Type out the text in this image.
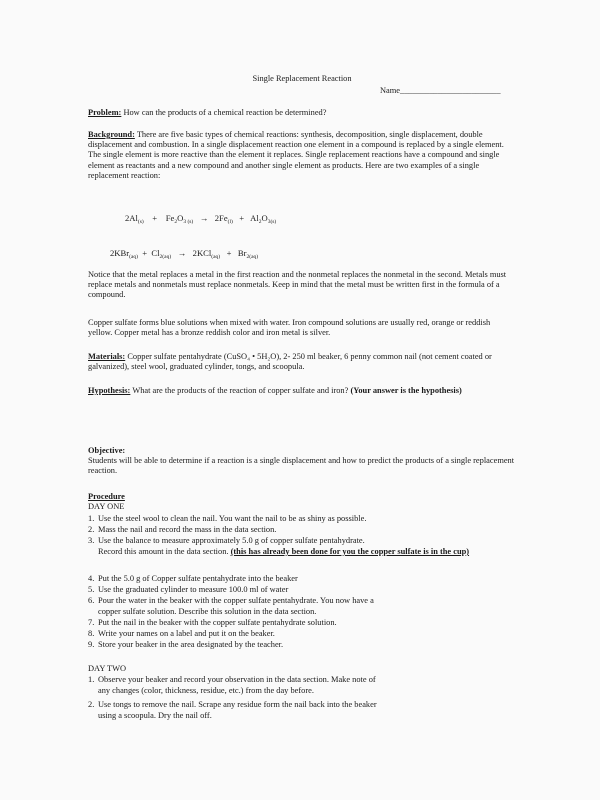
Single Replacement Reaction
Name________________________
Problem: How can the products of a chemical reaction be determined?
Background: There are five basic types of chemical reactions: synthesis, decomposition, single displacement, double displacement and combustion. In a single displacement reaction one element in a compound is replaced by a single element. The single element is more reactive than the element it replaces. Single replacement reactions have a compound and single element as reactants and a new compound and another single element as products. Here are two examples of a single replacement reaction:
$2Al_{(s)} + Fe_2O_{3 (s)} \to 2Fe_{(l)} + Al_2O_{3(s)}$
$2KBr_{(aq)} + Cl_{2(aq)} \to 2KCl_{(aq)} + Br_{2(aq)}$
Notice that the metal replaces a metal in the first reaction and the nonmetal replaces the nonmetal in the second. Metals must replace metals and nonmetals must replace nonmetals. Keep in mind that the metal must be written first in the formula of a compound.
Copper sulfate forms blue solutions when mixed with water. Iron compound solutions are usually red, orange or reddish yellow. Copper metal has a bronze reddish color and iron metal is silver.
Materials: Copper sulfate pentahydrate (CuSO₄ • 5H₂O), 2- 250 ml beaker, 6 penny common nail (not cement coated or galvanized), steel wool, graduated cylinder, tongs, and scoopula.
Hypothesis: What are the products of the reaction of copper sulfate and iron? (Your answer is the hypothesis)
Objective:
Students will be able to determine if a reaction is a single displacement and how to predict the products of a single replacement reaction.
Procedure
DAY ONE
1. Use the steel wool to clean the nail. You want the nail to be as shiny as possible.
2. Mass the nail and record the mass in the data section.
3. Use the balance to measure approximately 5.0 g of copper sulfate pentahydrate.
Record this amount in the data section. (this has already been done for you the copper sulfate is in the cup)
4. Put the 5.0 g of Copper sulfate pentahydrate into the beaker
5. Use the graduated cylinder to measure 100.0 ml of water
6. Pour the water in the beaker with the copper sulfate pentahydrate. You now have a
copper sulfate solution. Describe this solution in the data section.
7. Put the nail in the beaker with the copper sulfate pentahydrate solution.
8. Write your names on a label and put it on the beaker.
9. Store your beaker in the area designated by the teacher.
DAY TWO
1. Observe your beaker and record your observation in the data section. Make note of
any changes (color, thickness, residue, etc.) from the day before.
2. Use tongs to remove the nail. Scrape any residue form the nail back into the beaker
using a scoopula. Dry the nail off.
